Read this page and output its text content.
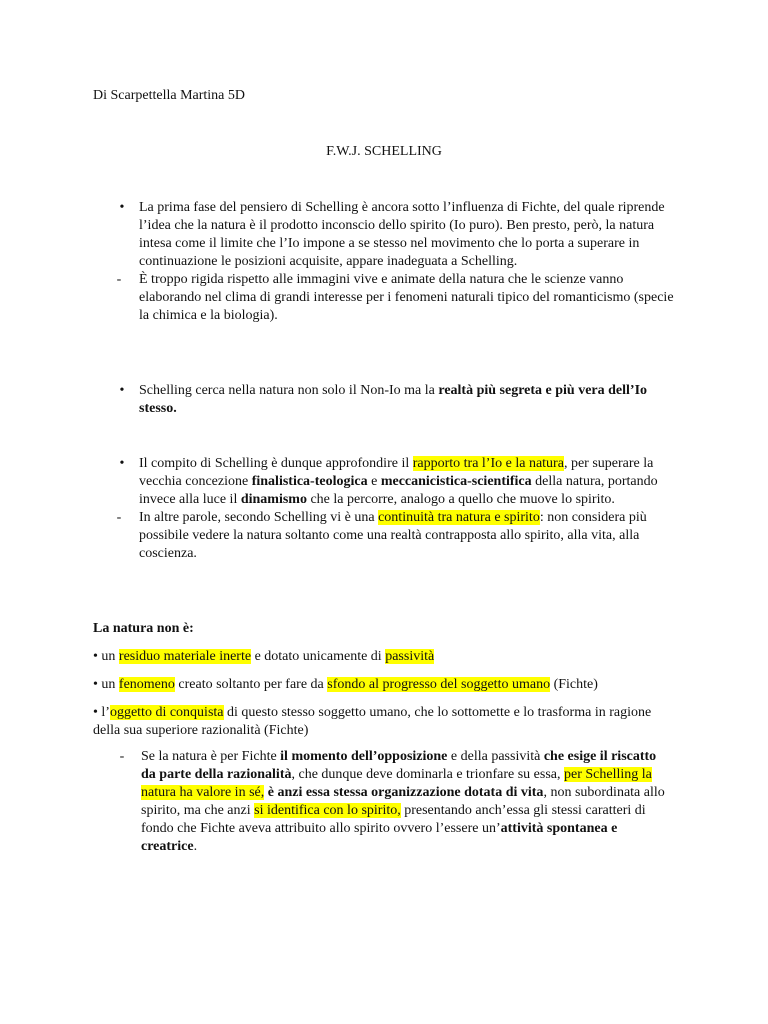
Di Scarpettella Martina 5D
F.W.J. SCHELLING
•	La prima fase del pensiero di Schelling è ancora sotto l’influenza di Fichte, del quale riprende l’idea che la natura è il prodotto inconscio dello spirito (Io puro). Ben presto, però, la natura intesa come il limite che l’Io impone a se stesso nel movimento che lo porta a superare in continuazione le posizioni acquisite, appare inadeguata a Schelling.
-	È troppo rigida rispetto alle immagini vive e animate della natura che le scienze vanno elaborando nel clima di grandi interesse per i fenomeni naturali tipico del romanticismo (specie la chimica e la biologia).
•	Schelling cerca nella natura non solo il Non-Io ma la realtà più segreta e più vera dell’Io stesso.
•	Il compito di Schelling è dunque approfondire il rapporto tra l’Io e la natura, per superare la vecchia concezione finalistica-teologica e meccanicistica-scientifica della natura, portando invece alla luce il dinamismo che la percorre, analogo a quello che muove lo spirito.
-	In altre parole, secondo Schelling vi è una continuità tra natura e spirito: non considera più possibile vedere la natura soltanto come una realtà contrapposta allo spirito, alla vita, alla coscienza.
La natura non è:
• un residuo materiale inerte e dotato unicamente di passività
• un fenomeno creato soltanto per fare da sfondo al progresso del soggetto umano (Fichte)
• l’oggetto di conquista di questo stesso soggetto umano, che lo sottomette e lo trasforma in ragione della sua superiore razionalità (Fichte)
-	Se la natura è per Fichte il momento dell’opposizione e della passività che esige il riscatto da parte della razionalità, che dunque deve dominarla e trionfare su essa, per Schelling la natura ha valore in sé, è anzi essa stessa organizzazione dotata di vita, non subordinata allo spirito, ma che anzi si identifica con lo spirito, presentando anch’essa gli stessi caratteri di fondo che Fichte aveva attribuito allo spirito ovvero l’essere un’attività spontanea e creatrice.
